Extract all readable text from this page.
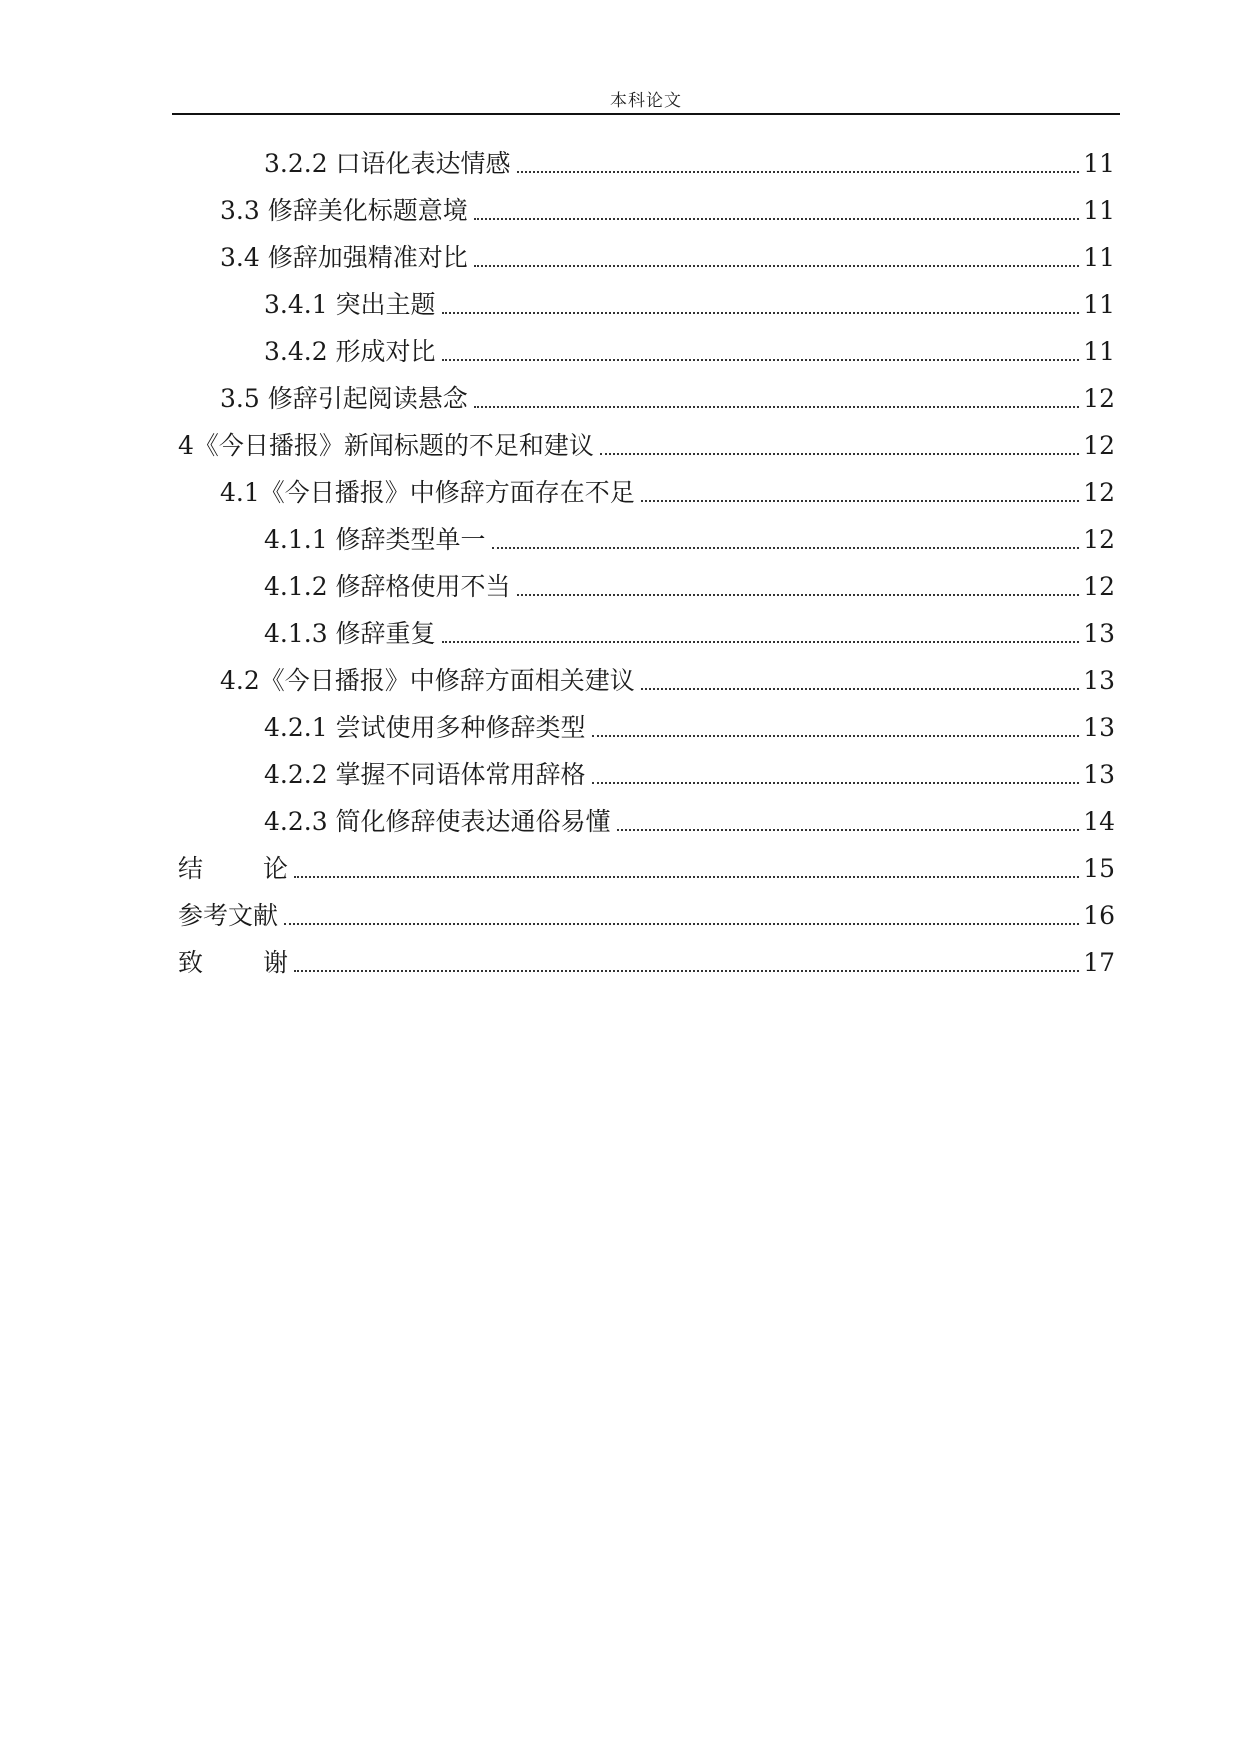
本科论文
3.2.2 口语化表达情感	11
3.3 修辞美化标题意境	11
3.4 修辞加强精准对比	11
3.4.1 突出主题	11
3.4.2 形成对比	11
3.5 修辞引起阅读悬念	12
4《今日播报》新闻标题的不足和建议	12
4.1《今日播报》中修辞方面存在不足	12
4.1.1 修辞类型单一	12
4.1.2 修辞格使用不当	12
4.1.3 修辞重复	13
4.2《今日播报》中修辞方面相关建议	13
4.2.1 尝试使用多种修辞类型	13
4.2.2 掌握不同语体常用辞格	13
4.2.3 简化修辞使表达通俗易懂	14
结 论	15
参考文献	16
致 谢	17
